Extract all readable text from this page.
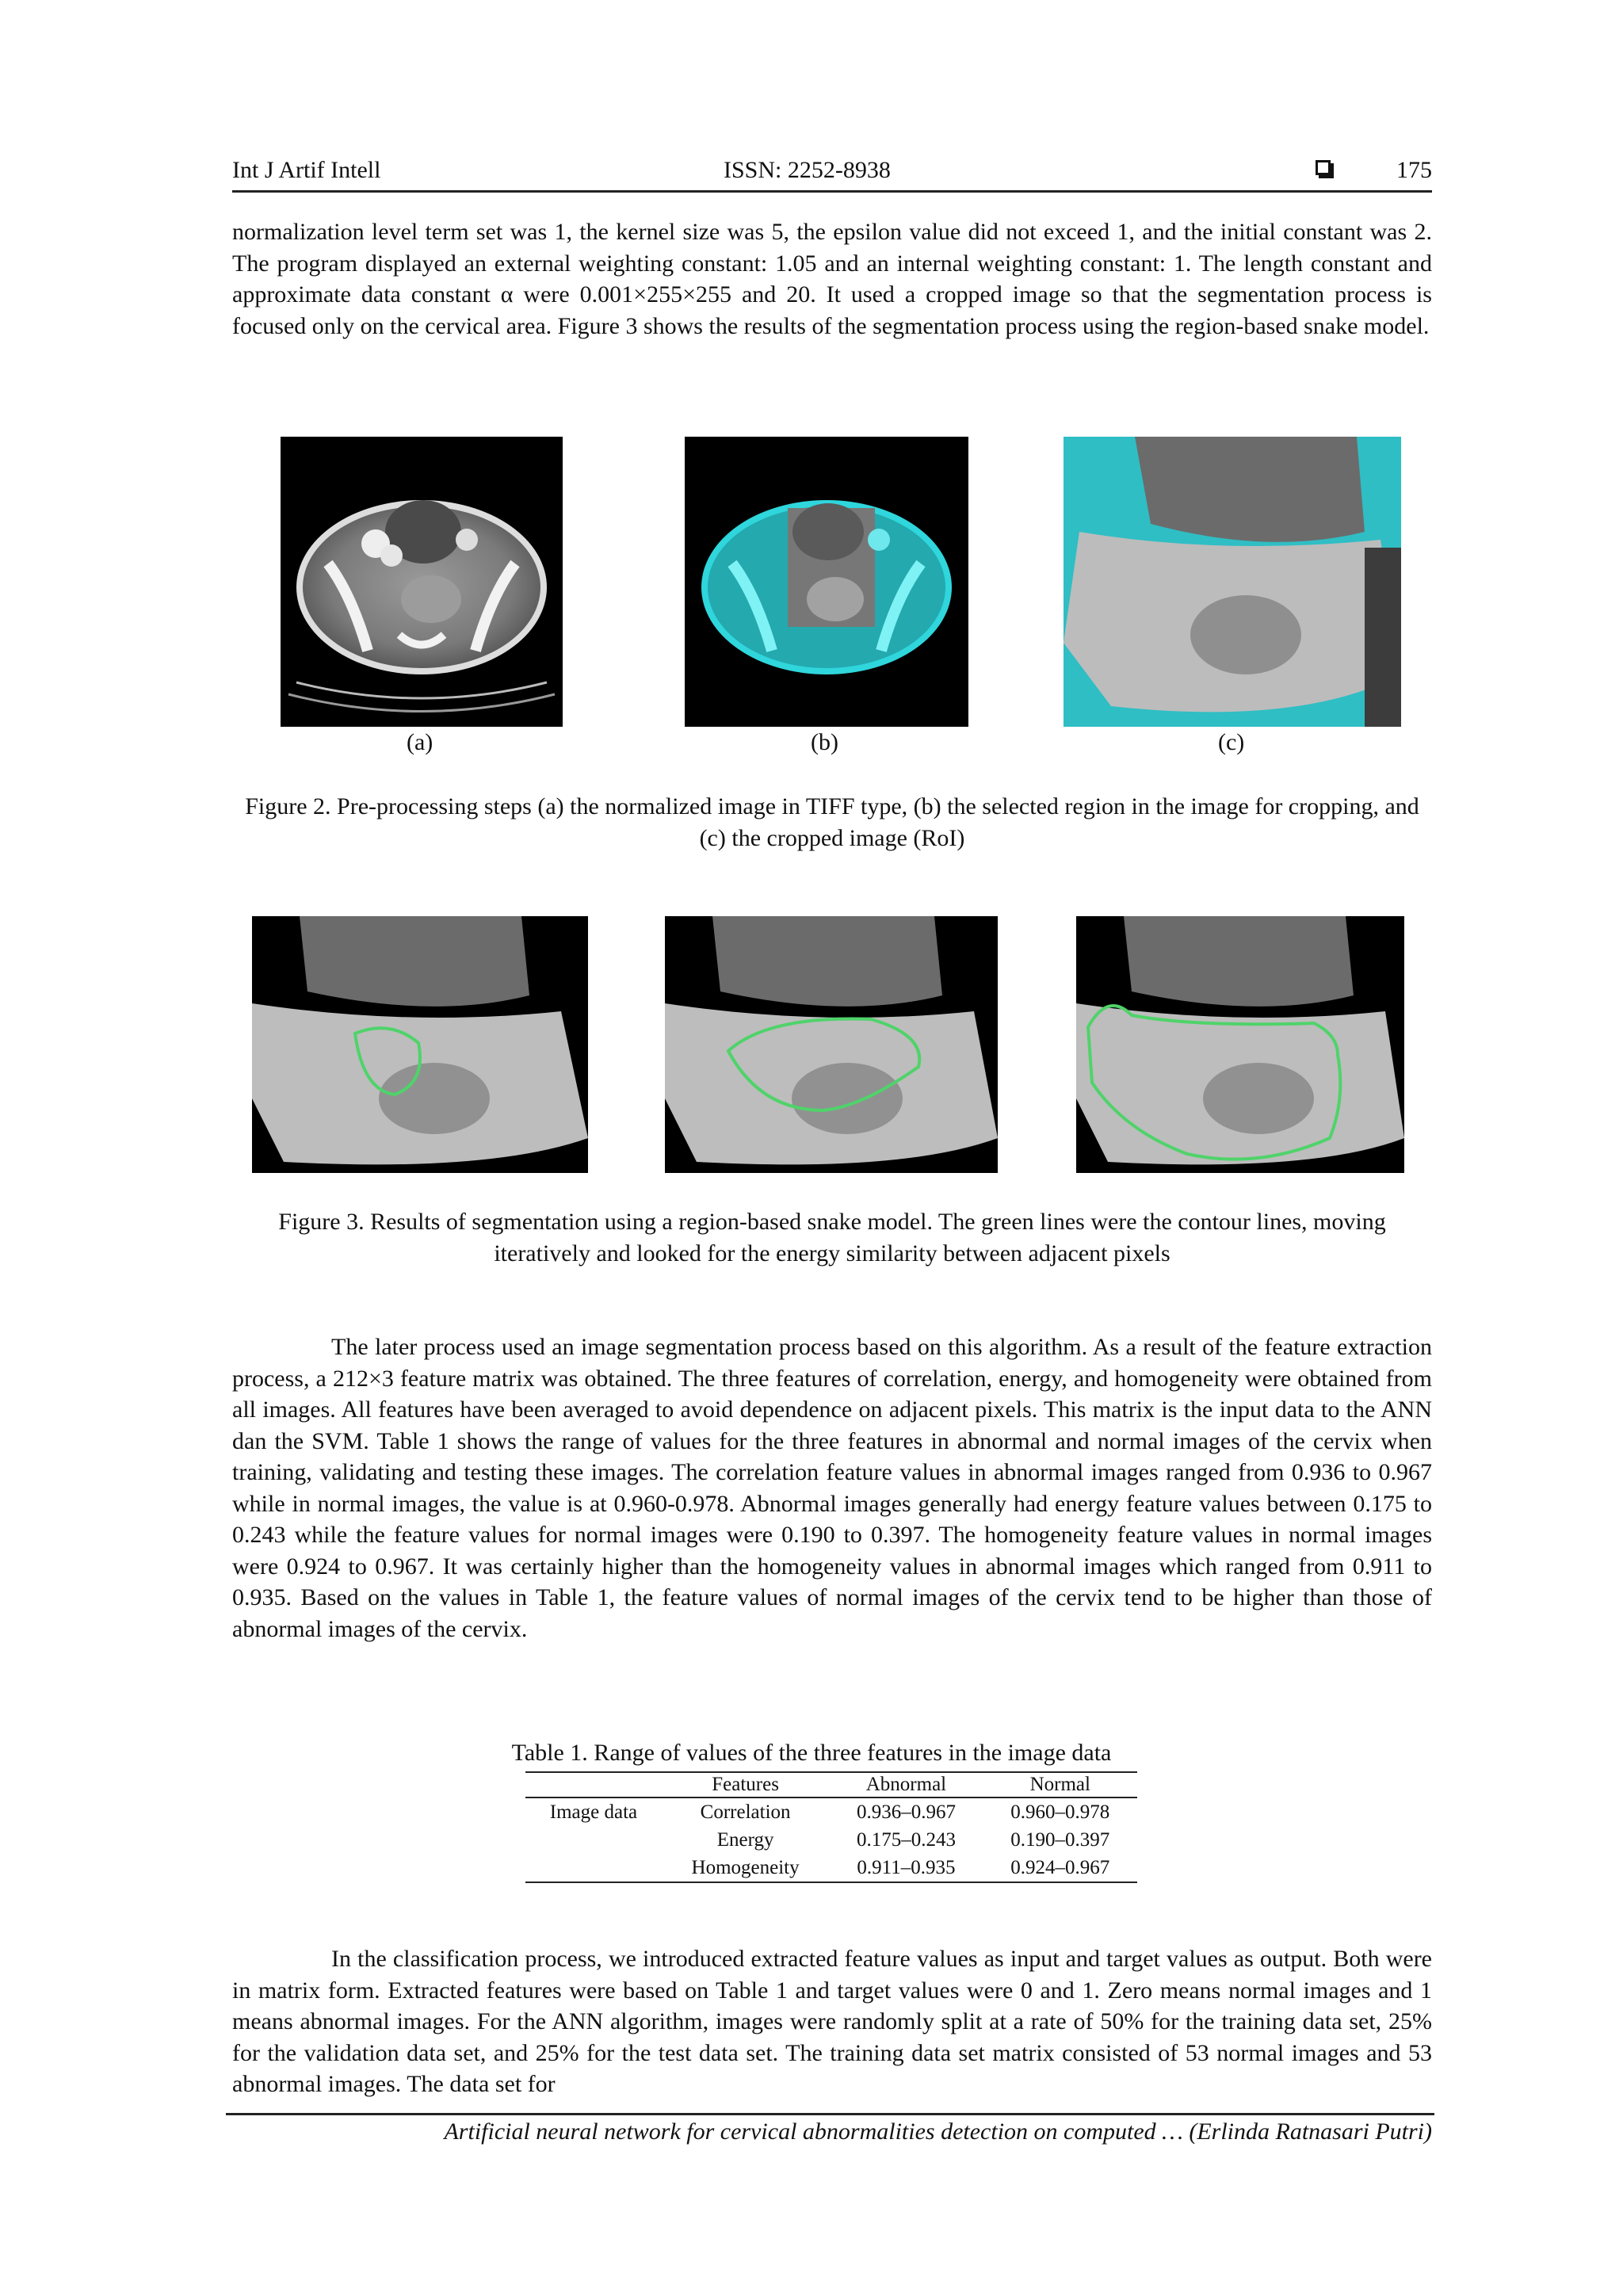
Int J Artif Intell	ISSN: 2252-8938	175
normalization level term set was 1, the kernel size was 5, the epsilon value did not exceed 1, and the initial constant was 2. The program displayed an external weighting constant: 1.05 and an internal weighting constant: 1. The length constant and approximate data constant α were 0.001×255×255 and 20. It used a cropped image so that the segmentation process is focused only on the cervical area. Figure 3 shows the results of the segmentation process using the region-based snake model.
(a)	(b)	(c)
Figure 2. Pre-processing steps (a) the normalized image in TIFF type, (b) the selected region in the image for cropping, and (c) the cropped image (RoI)
Figure 3. Results of segmentation using a region-based snake model. The green lines were the contour lines, moving iteratively and looked for the energy similarity between adjacent pixels
The later process used an image segmentation process based on this algorithm. As a result of the feature extraction process, a 212×3 feature matrix was obtained. The three features of correlation, energy, and homogeneity were obtained from all images. All features have been averaged to avoid dependence on adjacent pixels. This matrix is the input data to the ANN dan the SVM. Table 1 shows the range of values for the three features in abnormal and normal images of the cervix when training, validating and testing these images. The correlation feature values in abnormal images ranged from 0.936 to 0.967 while in normal images, the value is at 0.960-0.978. Abnormal images generally had energy feature values between 0.175 to 0.243 while the feature values for normal images were 0.190 to 0.397. The homogeneity feature values in normal images were 0.924 to 0.967. It was certainly higher than the homogeneity values in abnormal images which ranged from 0.911 to 0.935. Based on the values in Table 1, the feature values of normal images of the cervix tend to be higher than those of abnormal images of the cervix.
Table 1. Range of values of the three features in the image data
	Features	Abnormal	Normal
Image data	Correlation	0.936–0.967	0.960–0.978
	Energy	0.175–0.243	0.190–0.397
	Homogeneity	0.911–0.935	0.924–0.967
In the classification process, we introduced extracted feature values as input and target values as output. Both were in matrix form. Extracted features were based on Table 1 and target values were 0 and 1. Zero means normal images and 1 means abnormal images. For the ANN algorithm, images were randomly split at a rate of 50% for the training data set, 25% for the validation data set, and 25% for the test data set. The training data set matrix consisted of 53 normal images and 53 abnormal images. The data set for
Artificial neural network for cervical abnormalities detection on computed … (Erlinda Ratnasari Putri)
